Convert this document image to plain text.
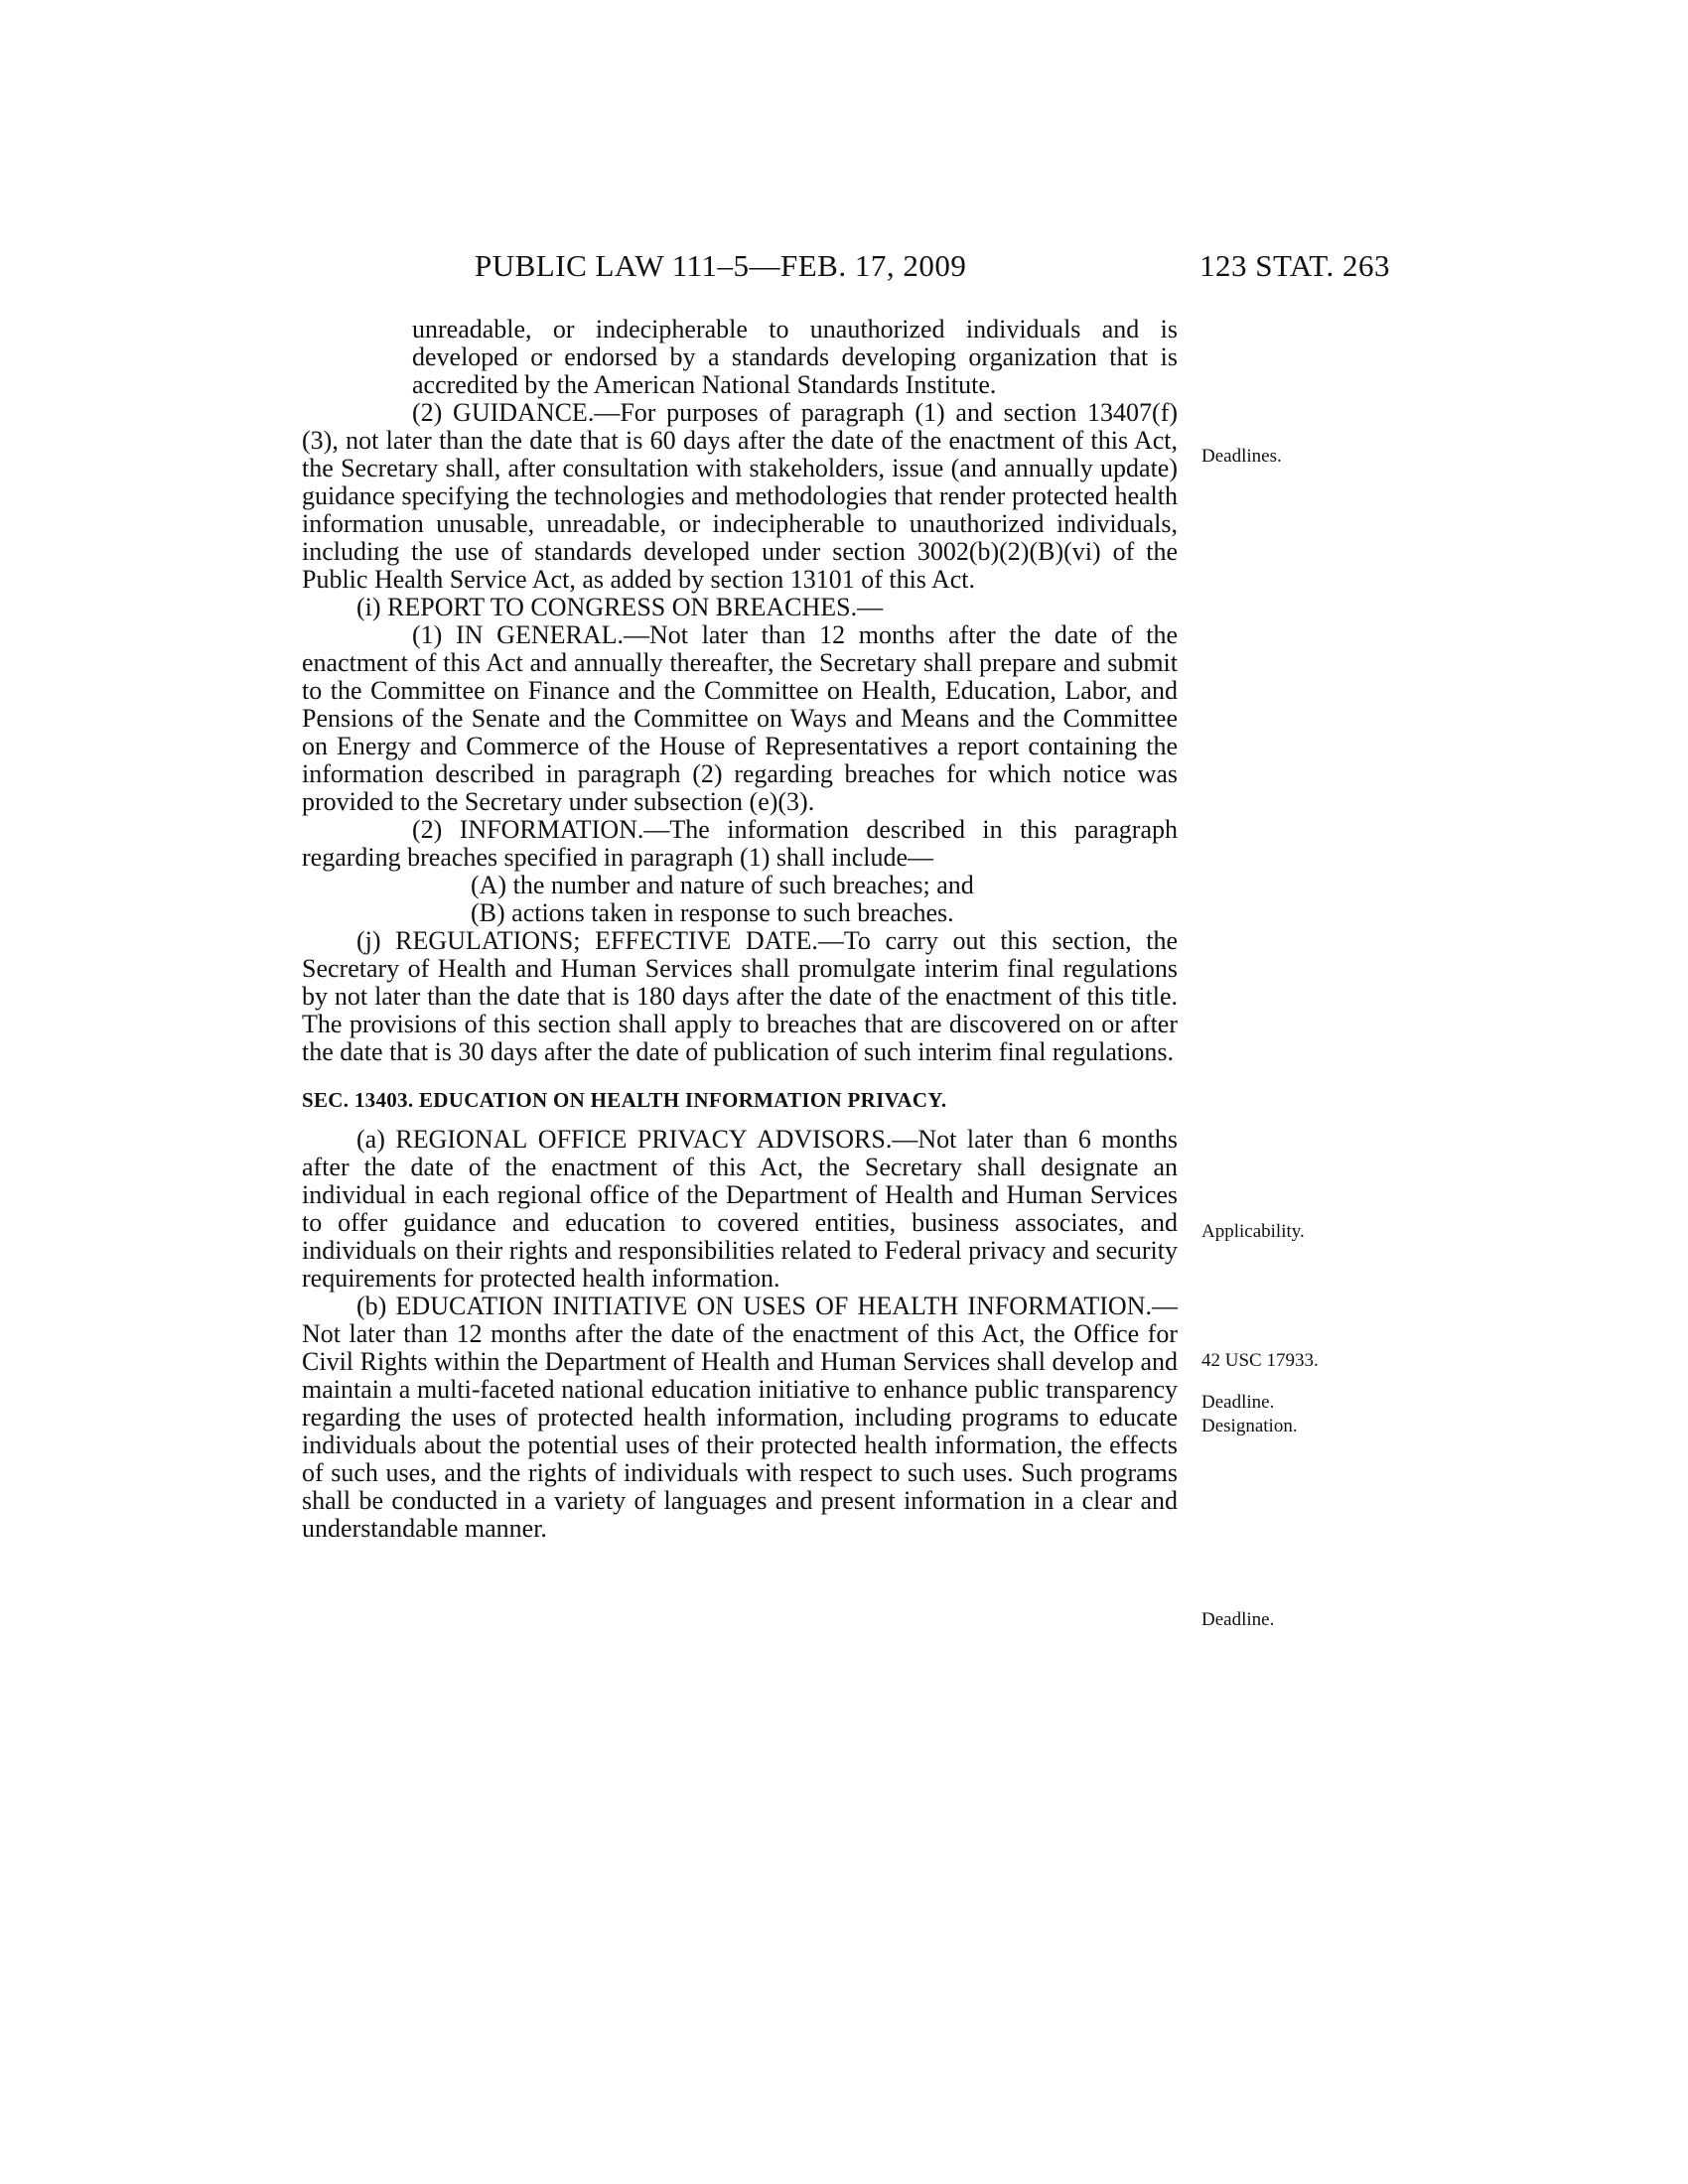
PUBLIC LAW 111–5—FEB. 17, 2009	123 STAT. 263

unreadable, or indecipherable to unauthorized individuals and is developed or endorsed by a standards developing organization that is accredited by the American National Standards Institute.

(2) GUIDANCE.—For purposes of paragraph (1) and section 13407(f)(3), not later than the date that is 60 days after the date of the enactment of this Act, the Secretary shall, after consultation with stakeholders, issue (and annually update) guidance specifying the technologies and methodologies that render protected health information unusable, unreadable, or indecipherable to unauthorized individuals, including the use of standards developed under section 3002(b)(2)(B)(vi) of the Public Health Service Act, as added by section 13101 of this Act.

(i) REPORT TO CONGRESS ON BREACHES.—

(1) IN GENERAL.—Not later than 12 months after the date of the enactment of this Act and annually thereafter, the Secretary shall prepare and submit to the Committee on Finance and the Committee on Health, Education, Labor, and Pensions of the Senate and the Committee on Ways and Means and the Committee on Energy and Commerce of the House of Representatives a report containing the information described in paragraph (2) regarding breaches for which notice was provided to the Secretary under subsection (e)(3).

(2) INFORMATION.—The information described in this paragraph regarding breaches specified in paragraph (1) shall include—

(A) the number and nature of such breaches; and

(B) actions taken in response to such breaches.

(j) REGULATIONS; EFFECTIVE DATE.—To carry out this section, the Secretary of Health and Human Services shall promulgate interim final regulations by not later than the date that is 180 days after the date of the enactment of this title. The provisions of this section shall apply to breaches that are discovered on or after the date that is 30 days after the date of publication of such interim final regulations.

SEC. 13403. EDUCATION ON HEALTH INFORMATION PRIVACY.

(a) REGIONAL OFFICE PRIVACY ADVISORS.—Not later than 6 months after the date of the enactment of this Act, the Secretary shall designate an individual in each regional office of the Department of Health and Human Services to offer guidance and education to covered entities, business associates, and individuals on their rights and responsibilities related to Federal privacy and security requirements for protected health information.

(b) EDUCATION INITIATIVE ON USES OF HEALTH INFORMATION.— Not later than 12 months after the date of the enactment of this Act, the Office for Civil Rights within the Department of Health and Human Services shall develop and maintain a multi-faceted national education initiative to enhance public transparency regarding the uses of protected health information, including programs to educate individuals about the potential uses of their protected health information, the effects of such uses, and the rights of individuals with respect to such uses. Such programs shall be conducted in a variety of languages and present information in a clear and understandable manner.

Deadlines.
Applicability.
42 USC 17933.
Deadline.
Designation.
Deadline.
